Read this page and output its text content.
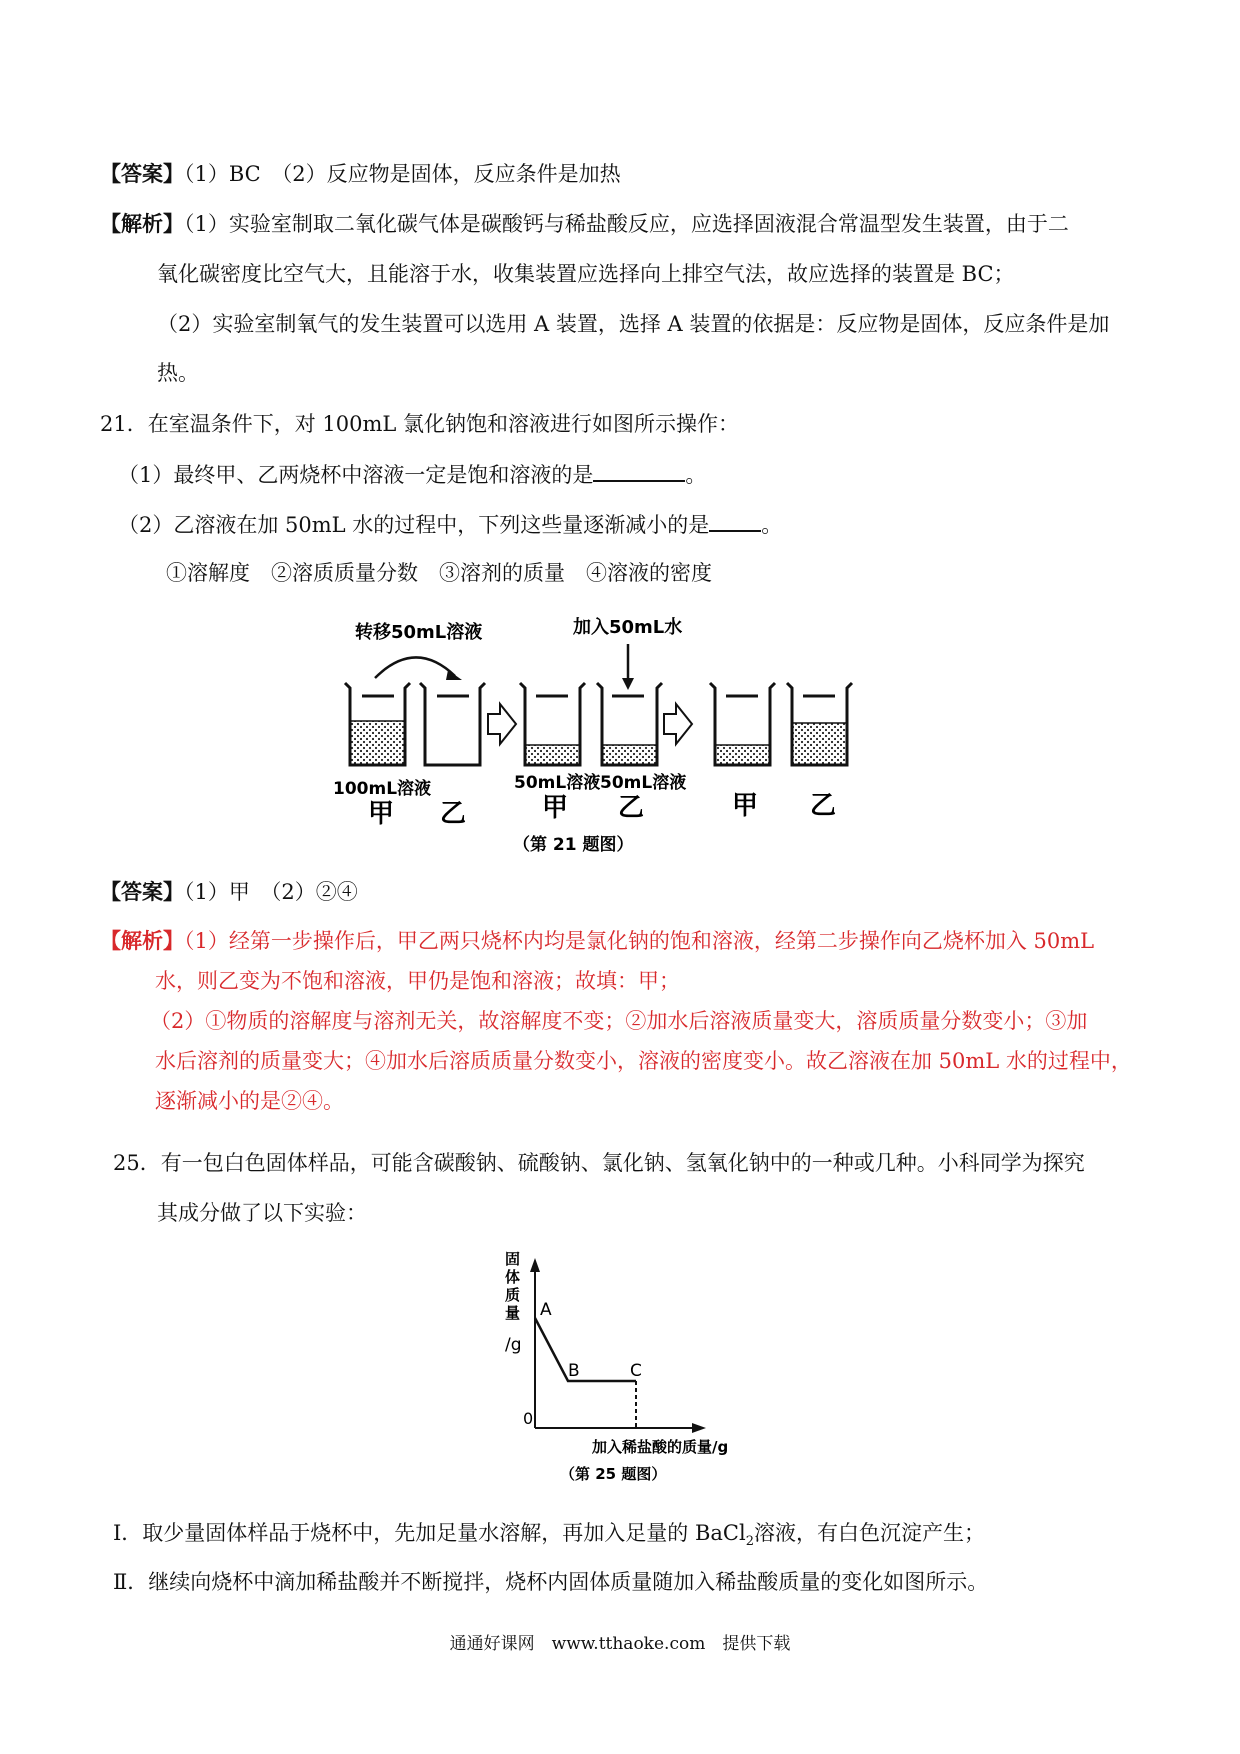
【答案】（1）BC　（2）反应物是固体，反应条件是加热
【解析】（1）实验室制取二氧化碳气体是碳酸钙与稀盐酸反应，应选择固液混合常温型发生装置，由于二
氧化碳密度比空气大，且能溶于水，收集装置应选择向上排空气法，故应选择的装置是 BC；
（2）实验室制氧气的发生装置可以选用 A 装置，选择 A 装置的依据是：反应物是固体，反应条件是加
热。
21．在室温条件下，对 100mL 氯化钠饱和溶液进行如图所示操作：
（1）最终甲、乙两烧杯中溶液一定是饱和溶液的是	。
（2）乙溶液在加 50mL 水的过程中，下列这些量逐渐减小的是 。
①溶解度　②溶质质量分数　③溶剂的质量　④溶液的密度
转移50mL溶液	加入50mL水
100mL溶液	50mL溶液 50mL溶液
甲 乙	甲 乙	甲 乙
（第 21 题图）
【答案】（1）甲　（2）②④
【解析】（1）经第一步操作后，甲乙两只烧杯内均是氯化钠的饱和溶液，经第二步操作向乙烧杯加入 50mL
水，则乙变为不饱和溶液，甲仍是饱和溶液；故填：甲；
（2）①物质的溶解度与溶剂无关，故溶解度不变；②加水后溶液质量变大，溶质质量分数变小；③加
水后溶剂的质量变大；④加水后溶质质量分数变小，溶液的密度变小。故乙溶液在加 50mL 水的过程中，
逐渐减小的是②④。
25．有一包白色固体样品，可能含碳酸钠、硫酸钠、氯化钠、氢氧化钠中的一种或几种。小科同学为探究
其成分做了以下实验：
固
体
质
量
/g
0
A
B	C
加入稀盐酸的质量/g
（第 25 题图）
Ⅰ．取少量固体样品于烧杯中，先加足量水溶解，再加入足量的 BaCl$_2$溶液，有白色沉淀产生；
Ⅱ．继续向烧杯中滴加稀盐酸并不断搅拌，烧杯内固体质量随加入稀盐酸质量的变化如图所示。
通通好课网　www.tthaoke.com　提供下载
